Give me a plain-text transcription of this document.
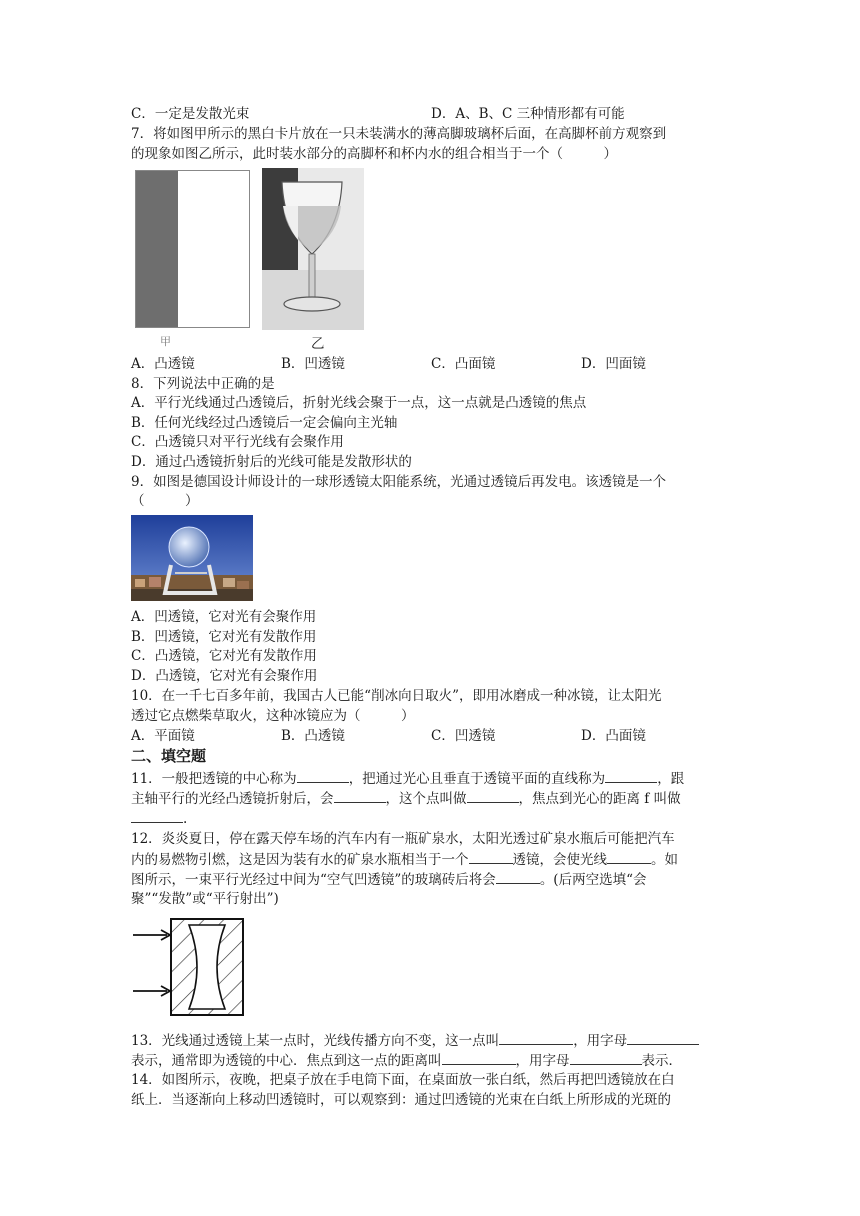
C．一定是发散光束	D．A、B、C 三种情形都有可能
7．将如图甲所示的黑白卡片放在一只未装满水的薄高脚玻璃杯后面，在高脚杯前方观察到
的现象如图乙所示，此时装水部分的高脚杯和杯内水的组合相当于一个（　　　）
甲	乙
A．凸透镜	B．凹透镜	C．凸面镜	D．凹面镜
8．下列说法中正确的是
A．平行光线通过凸透镜后，折射光线会聚于一点，这一点就是凸透镜的焦点
B．任何光线经过凸透镜后一定会偏向主光轴
C．凸透镜只对平行光线有会聚作用
D．通过凸透镜折射后的光线可能是发散形状的
9．如图是德国设计师设计的一球形透镜太阳能系统，光通过透镜后再发电。该透镜是一个
（　　　）
A．凹透镜，它对光有会聚作用
B．凹透镜，它对光有发散作用
C．凸透镜，它对光有发散作用
D．凸透镜，它对光有会聚作用
10．在一千七百多年前，我国古人已能“削冰向日取火”，即用冰磨成一种冰镜，让太阳光
透过它点燃柴草取火，这种冰镜应为（　　　）
A．平面镜	B．凸透镜	C．凹透镜	D．凸面镜
二、填空题
11．一般把透镜的中心称为	，把通过光心且垂直于透镜平面的直线称为	，跟
主轴平行的光经凸透镜折射后，会	，这个点叫做	，焦点到光心的距离 f 叫做
.
12．炎炎夏日，停在露天停车场的汽车内有一瓶矿泉水，太阳光透过矿泉水瓶后可能把汽车
内的易燃物引燃，这是因为装有水的矿泉水瓶相当于一个	透镜，会使光线	。如
图所示，一束平行光经过中间为“空气凹透镜”的玻璃砖后将会	。(后两空选填“会
聚”“发散”或“平行射出”)
13．光线通过透镜上某一点时，光线传播方向不变，这一点叫	，用字母
表示，通常即为透镜的中心．焦点到这一点的距离叫	，用字母	表示．
14．如图所示，夜晚，把桌子放在手电筒下面，在桌面放一张白纸，然后再把凹透镜放在白
纸上．当逐渐向上移动凹透镜时，可以观察到：通过凹透镜的光束在白纸上所形成的光斑的
